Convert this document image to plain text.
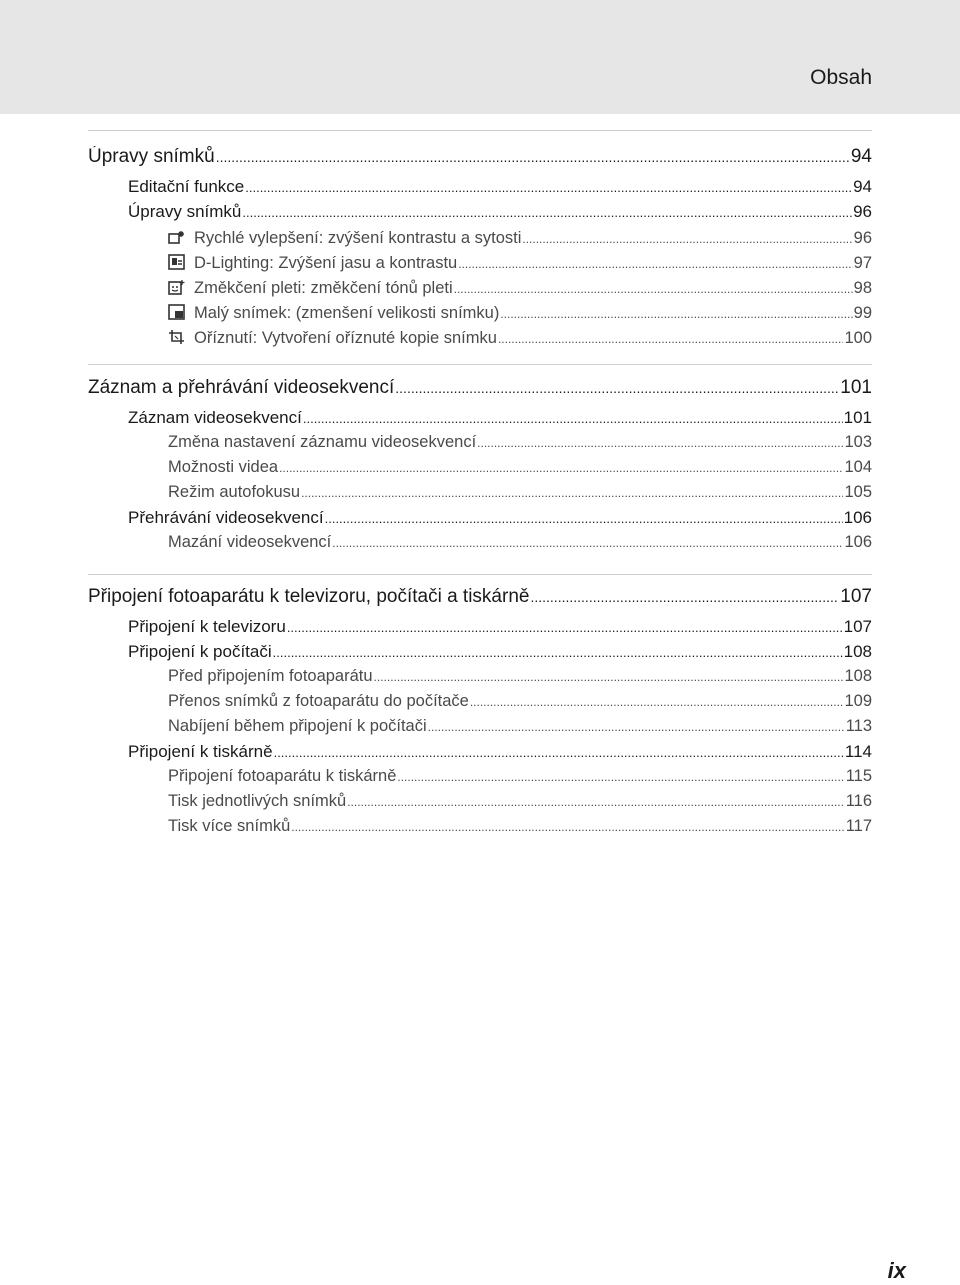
Obsah
Úpravy snímků .....	94
Editační funkce .....	94
Úpravy snímků .....	96
Rychlé vylepšení: zvýšení kontrastu a sytosti .....	96
D-Lighting: Zvýšení jasu a kontrastu .....	97
Změkčení pleti: změkčení tónů pleti .....	98
Malý snímek: (zmenšení velikosti snímku) .....	99
Oříznutí: Vytvoření oříznuté kopie snímku .....	100
Záznam a přehrávání videosekvencí .....	101
Záznam videosekvencí .....	101
Změna nastavení záznamu videosekvencí .....	103
Možnosti videa .....	104
Režim autofokusu .....	105
Přehrávání videosekvencí .....	106
Mazání videosekvencí .....	106
Připojení fotoaparátu k televizoru, počítači a tiskárně .....	107
Připojení k televizoru .....	107
Připojení k počítači .....	108
Před připojením fotoaparátu .....	108
Přenos snímků z fotoaparátu do počítače .....	109
Nabíjení během připojení k počítači .....	113
Připojení k tiskárně .....	114
Připojení fotoaparátu k tiskárně .....	115
Tisk jednotlivých snímků .....	116
Tisk více snímků .....	117
ix
